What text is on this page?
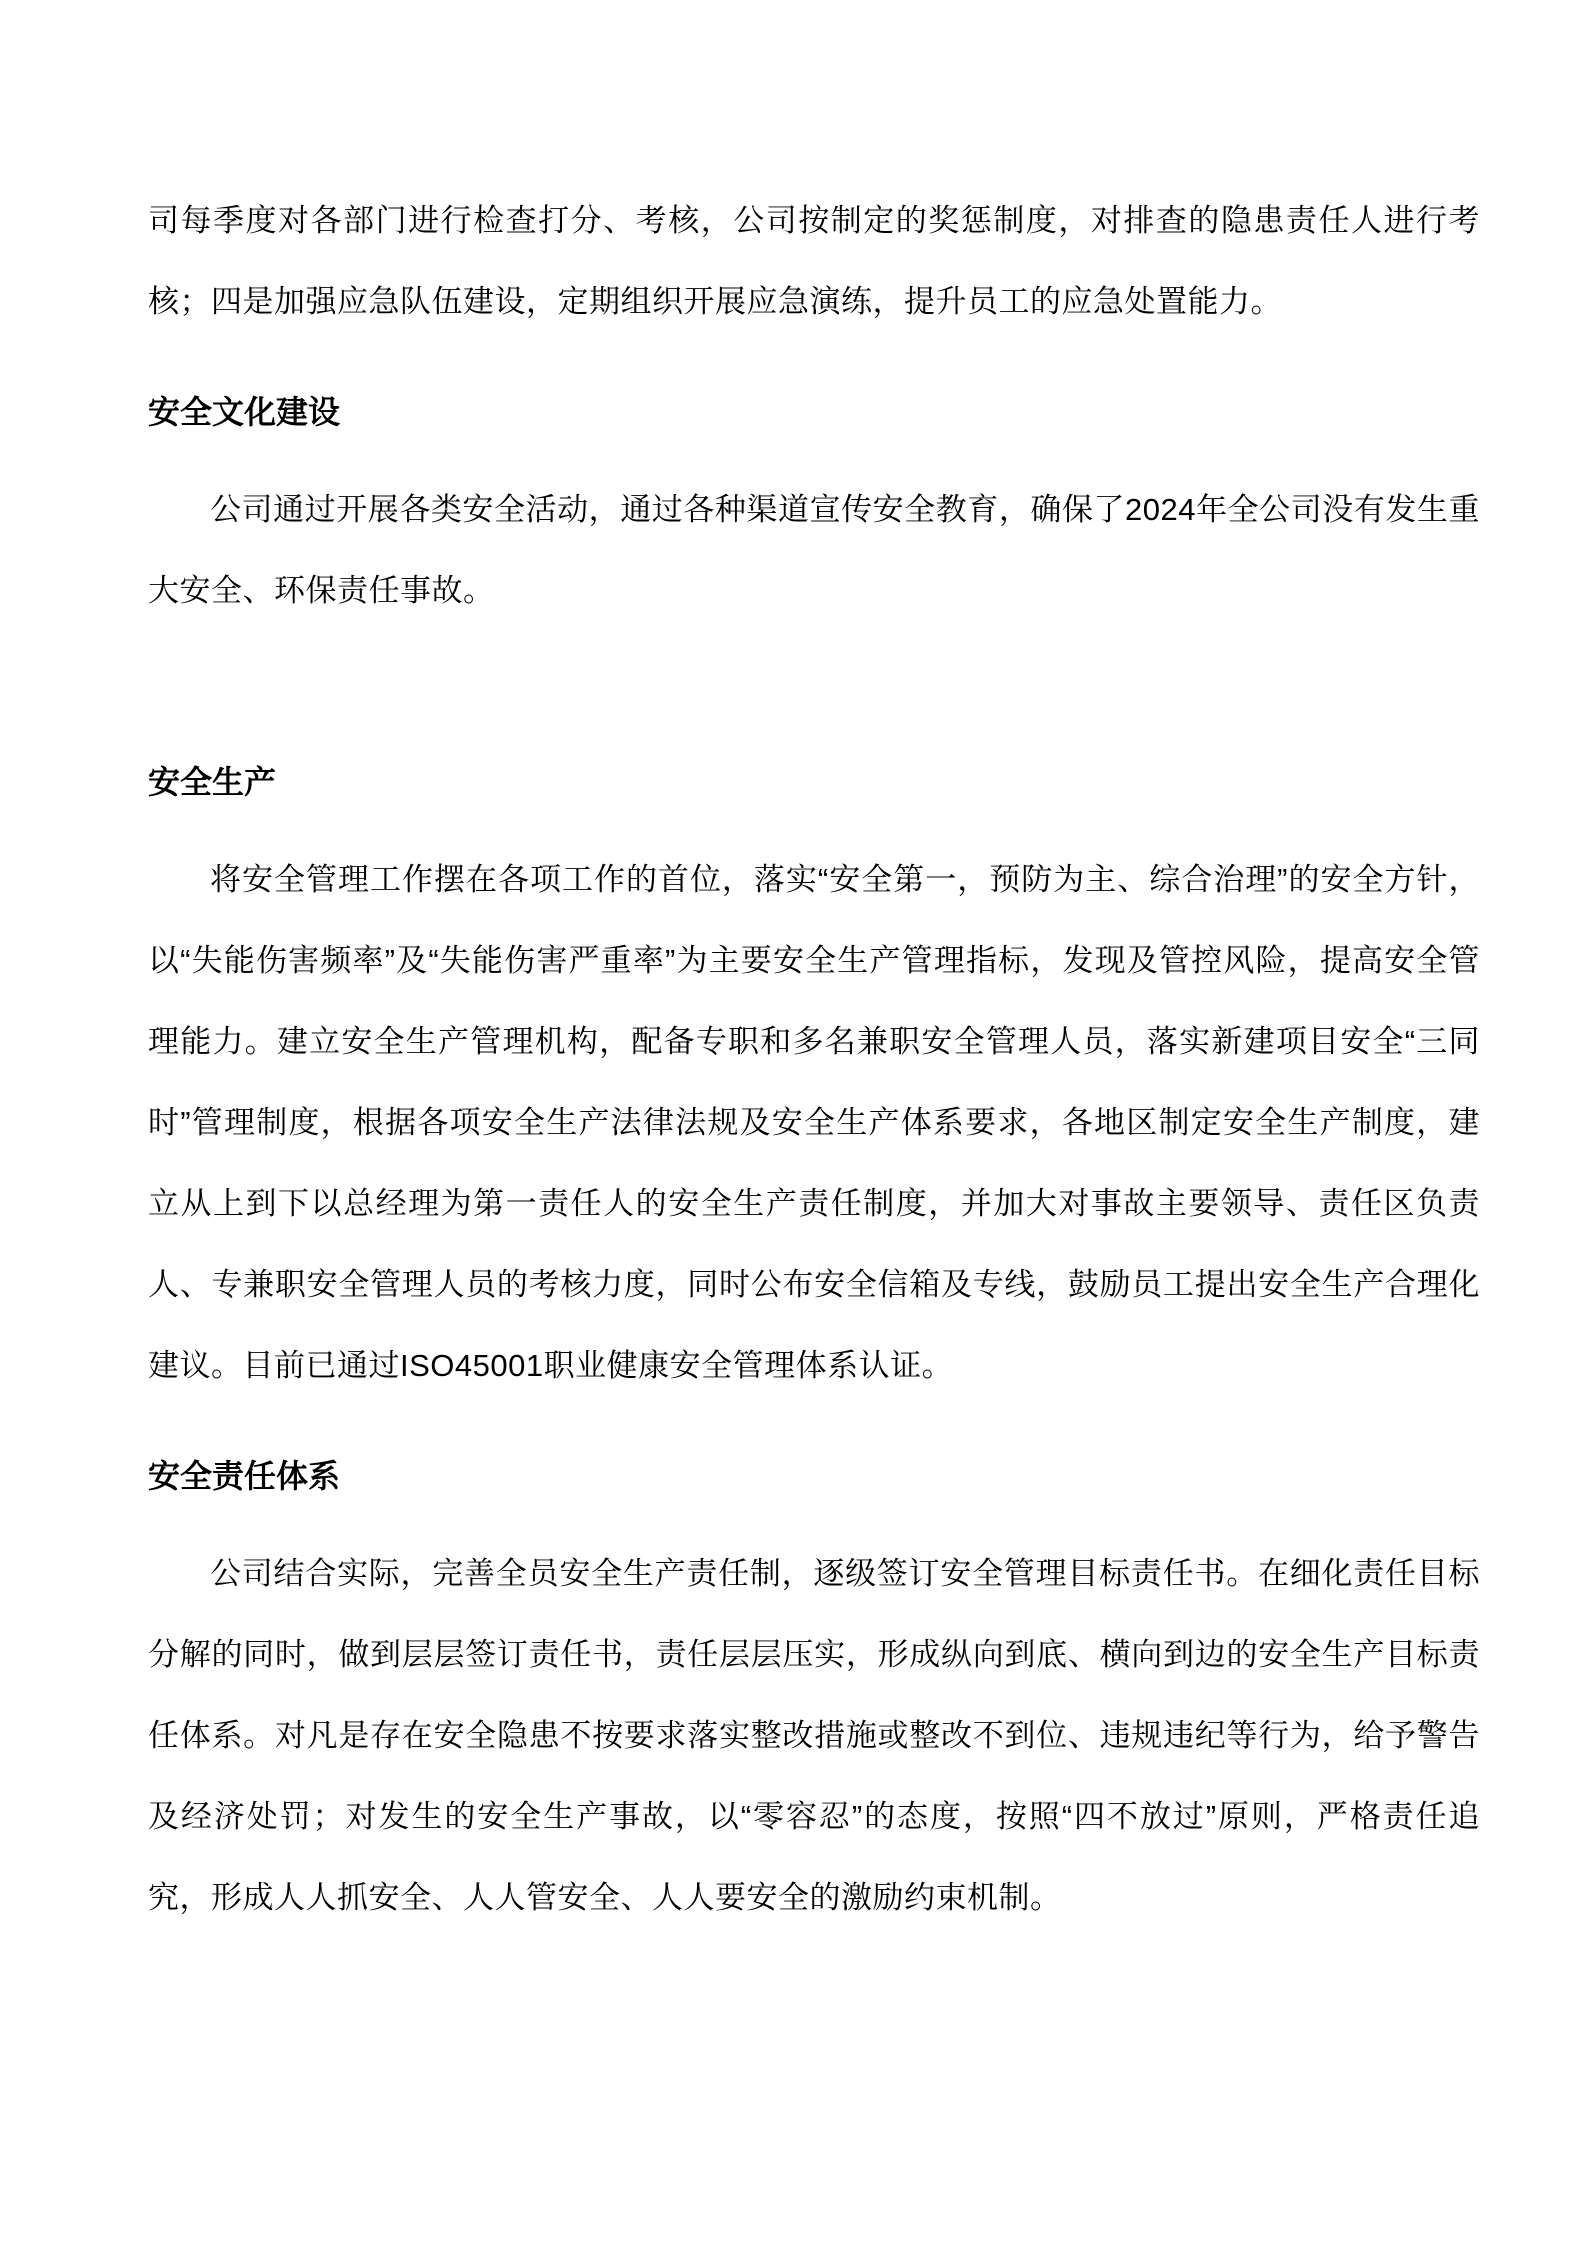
司每季度对各部门进行检查打分、考核，公司按制定的奖惩制度，对排查的隐患责任人进行考核；四是加强应急队伍建设，定期组织开展应急演练，提升员工的应急处置能力。

安全文化建设

公司通过开展各类安全活动，通过各种渠道宣传安全教育，确保了2024年全公司没有发生重大安全、环保责任事故。

安全生产

将安全管理工作摆在各项工作的首位，落实“安全第一，预防为主、综合治理”的安全方针，以“失能伤害频率”及“失能伤害严重率”为主要安全生产管理指标，发现及管控风险，提高安全管理能力。建立安全生产管理机构，配备专职和多名兼职安全管理人员，落实新建项目安全“三同时”管理制度，根据各项安全生产法律法规及安全生产体系要求，各地区制定安全生产制度，建立从上到下以总经理为第一责任人的安全生产责任制度，并加大对事故主要领导、责任区负责人、专兼职安全管理人员的考核力度，同时公布安全信箱及专线，鼓励员工提出安全生产合理化建议。目前已通过ISO45001职业健康安全管理体系认证。

安全责任体系

公司结合实际，完善全员安全生产责任制，逐级签订安全管理目标责任书。在细化责任目标分解的同时，做到层层签订责任书，责任层层压实，形成纵向到底、横向到边的安全生产目标责任体系。对凡是存在安全隐患不按要求落实整改措施或整改不到位、违规违纪等行为，给予警告及经济处罚；对发生的安全生产事故，以“零容忍”的态度，按照“四不放过”原则，严格责任追究，形成人人抓安全、人人管安全、人人要安全的激励约束机制。
